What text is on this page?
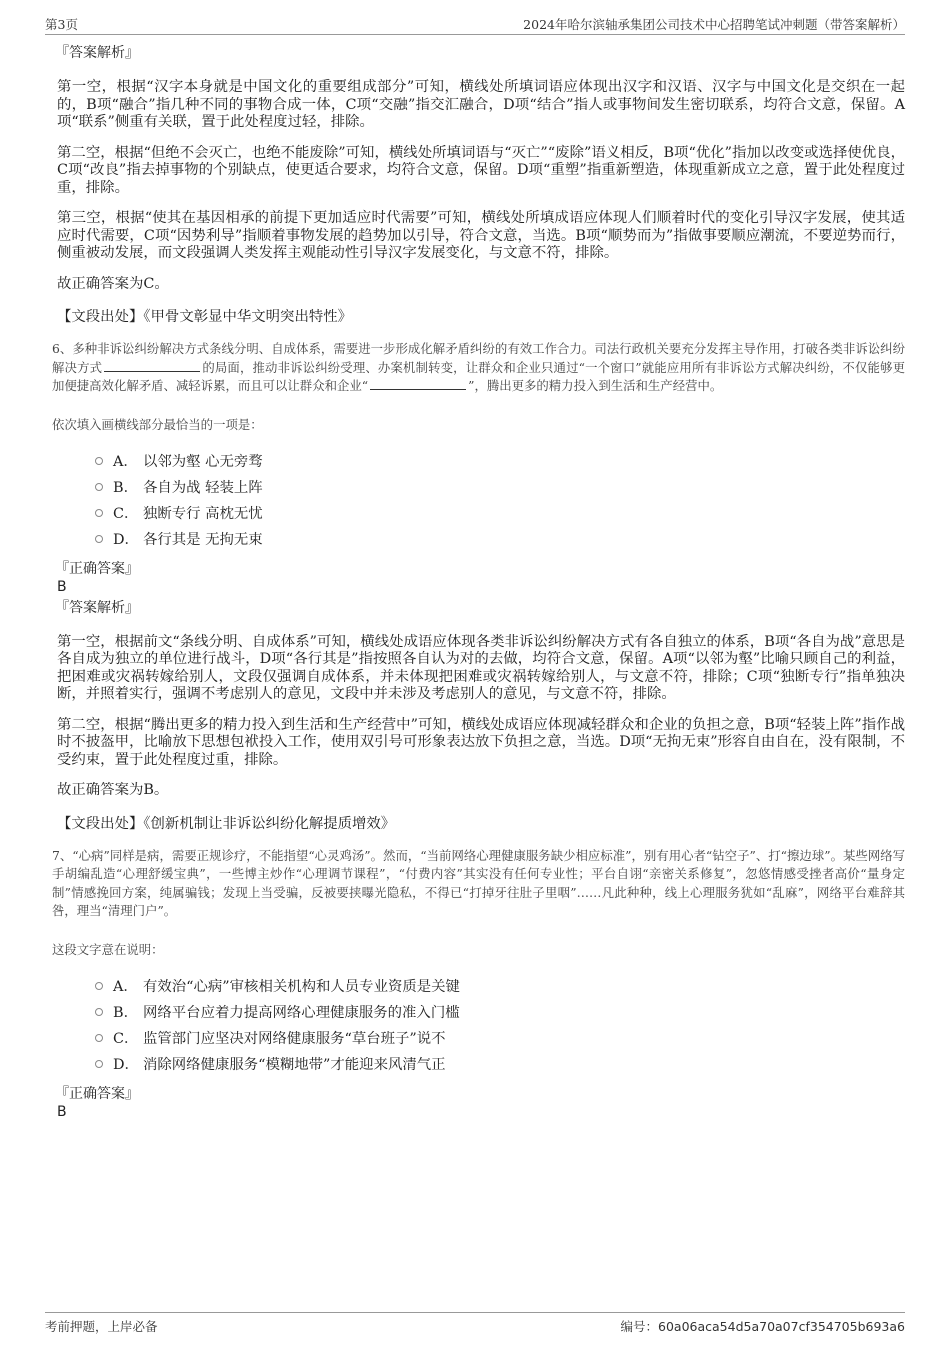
第3页	2024年哈尔滨轴承集团公司技术中心招聘笔试冲刺题（带答案解析）

『答案解析』

第一空，根据“汉字本身就是中国文化的重要组成部分”可知，横线处所填词语应体现出汉字和汉语、汉字与中国文化是交织在一起的，B项“融合”指几种不同的事物合成一体，C项“交融”指交汇融合，D项“结合”指人或事物间发生密切联系，均符合文意，保留。A项“联系”侧重有关联，置于此处程度过轻，排除。

第二空，根据“但绝不会灭亡，也绝不能废除”可知，横线处所填词语与“灭亡”“废除”语义相反，B项“优化”指加以改变或选择使优良，C项“改良”指去掉事物的个别缺点，使更适合要求，均符合文意，保留。D项“重塑”指重新塑造，体现重新成立之意，置于此处程度过重，排除。

第三空，根据“使其在基因相承的前提下更加适应时代需要”可知，横线处所填成语应体现人们顺着时代的变化引导汉字发展，使其适应时代需要，C项“因势利导”指顺着事物发展的趋势加以引导，符合文意，当选。B项“顺势而为”指做事要顺应潮流，不要逆势而行，侧重被动发展，而文段强调人类发挥主观能动性引导汉字发展变化，与文意不符，排除。

故正确答案为C。

【文段出处】《甲骨文彰显中华文明突出特性》

6、多种非诉讼纠纷解决方式条线分明、自成体系，需要进一步形成化解矛盾纠纷的有效工作合力。司法行政机关要充分发挥主导作用，打破各类非诉讼纠纷解决方式	的局面，推动非诉讼纠纷受理、办案机制转变，让群众和企业只通过“一个窗口”就能应用所有非诉讼方式解决纠纷，不仅能够更加便捷高效化解矛盾、减轻诉累，而且可以让群众和企业“	”，腾出更多的精力投入到生活和生产经营中。

依次填入画横线部分最恰当的一项是：

A． 以邻为壑 心无旁骛
B． 各自为战 轻装上阵
C． 独断专行 高枕无忧
D． 各行其是 无拘无束

『正确答案』

B

『答案解析』

第一空，根据前文“条线分明、自成体系”可知，横线处成语应体现各类非诉讼纠纷解决方式有各自独立的体系，B项“各自为战”意思是各自成为独立的单位进行战斗，D项“各行其是”指按照各自认为对的去做，均符合文意，保留。A项“以邻为壑”比喻只顾自己的利益，把困难或灾祸转嫁给别人，文段仅强调自成体系，并未体现把困难或灾祸转嫁给别人，与文意不符，排除；C项“独断专行”指单独决断，并照着实行，强调不考虑别人的意见，文段中并未涉及考虑别人的意见，与文意不符，排除。

第二空，根据“腾出更多的精力投入到生活和生产经营中”可知，横线处成语应体现减轻群众和企业的负担之意，B项“轻装上阵”指作战时不披盔甲，比喻放下思想包袱投入工作，使用双引号可形象表达放下负担之意，当选。D项“无拘无束”形容自由自在，没有限制，不受约束，置于此处程度过重，排除。

故正确答案为B。

【文段出处】《创新机制让非诉讼纠纷化解提质增效》

7、“心病”同样是病，需要正规诊疗，不能指望“心灵鸡汤”。然而，“当前网络心理健康服务缺少相应标准”，别有用心者“钻空子”、打“擦边球”。某些网络写手胡编乱造“心理舒缓宝典”，一些博主炒作“心理调节课程”，“付费内容”其实没有任何专业性；平台自诩“亲密关系修复”，忽悠情感受挫者高价“量身定制”情感挽回方案，纯属骗钱；发现上当受骗，反被要挟曝光隐私，不得已“打掉牙往肚子里咽”……凡此种种，线上心理服务犹如“乱麻”，网络平台难辞其咎，理当“清理门户”。

这段文字意在说明：

A． 有效治“心病”审核相关机构和人员专业资质是关键
B． 网络平台应着力提高网络心理健康服务的准入门槛
C． 监管部门应坚决对网络健康服务“草台班子”说不
D． 消除网络健康服务“模糊地带”才能迎来风清气正

『正确答案』

B

考前押题，上岸必备	编号：60a06aca54d5a70a07cf354705b693a6
